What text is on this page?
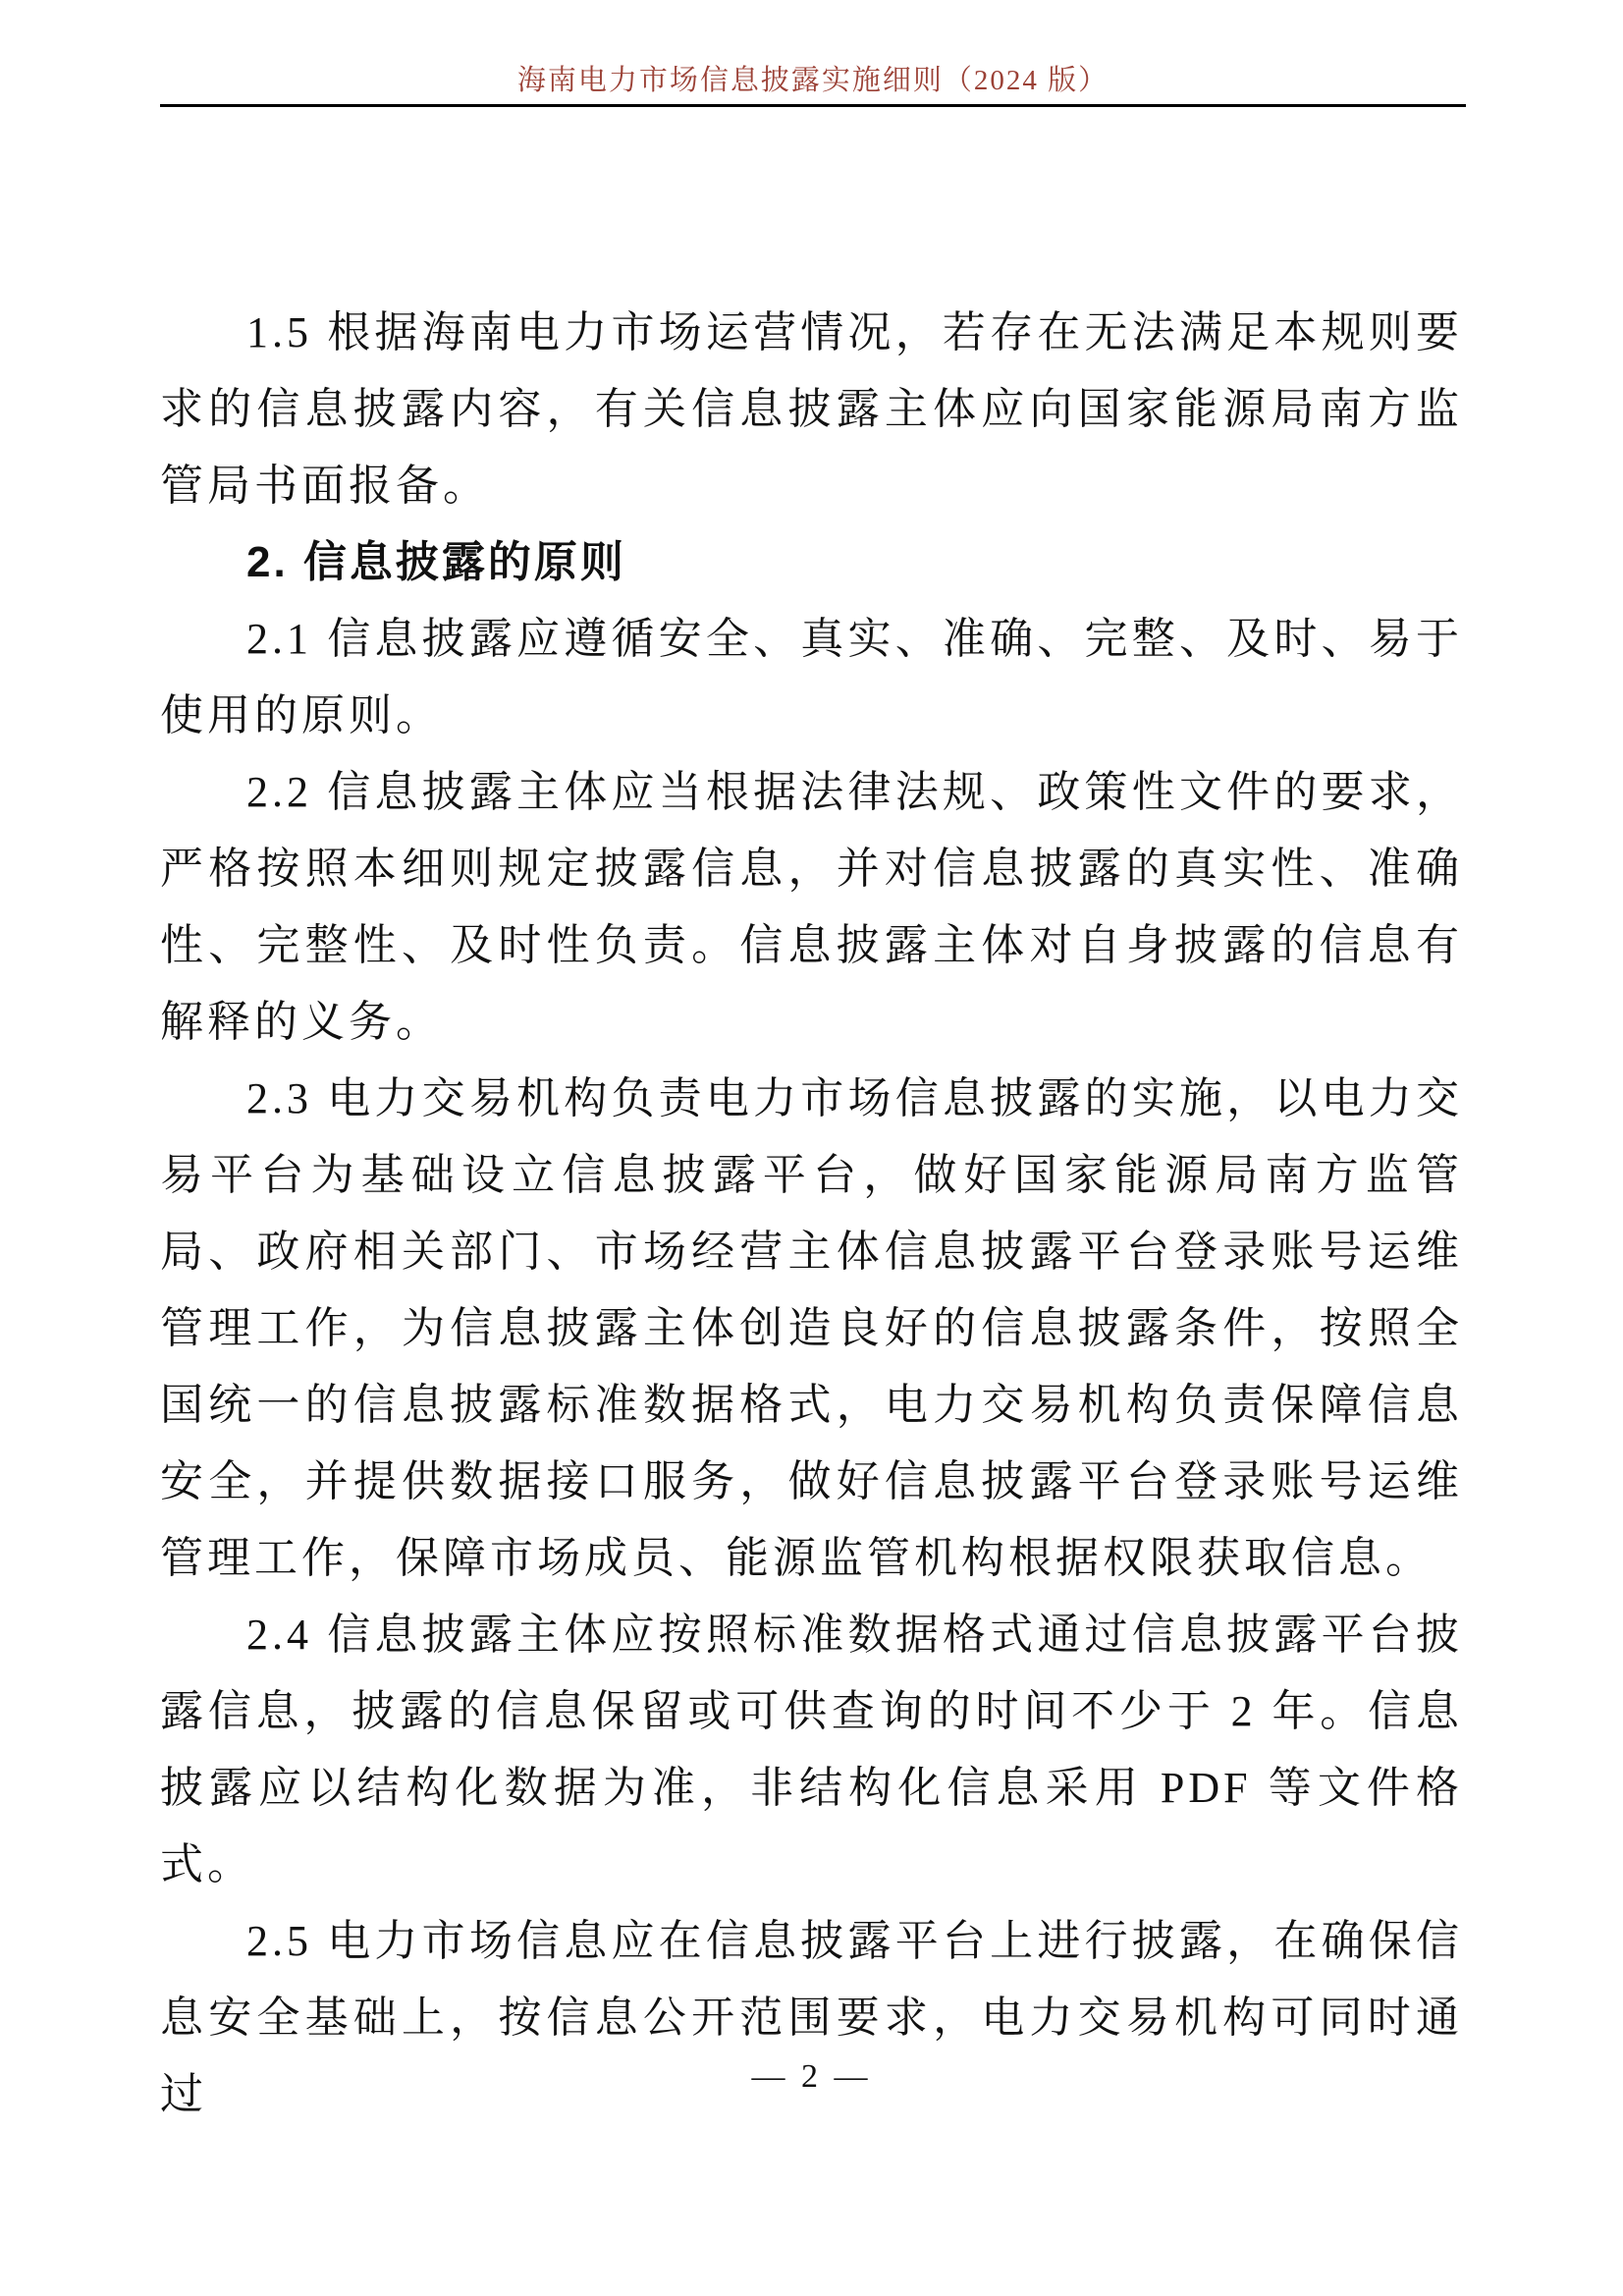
海南电力市场信息披露实施细则（2024 版）

1.5 根据海南电力市场运营情况，若存在无法满足本规则要求的信息披露内容，有关信息披露主体应向国家能源局南方监管局书面报备。

2. 信息披露的原则

2.1 信息披露应遵循安全、真实、准确、完整、及时、易于使用的原则。

2.2 信息披露主体应当根据法律法规、政策性文件的要求，严格按照本细则规定披露信息，并对信息披露的真实性、准确性、完整性、及时性负责。信息披露主体对自身披露的信息有解释的义务。

2.3 电力交易机构负责电力市场信息披露的实施，以电力交易平台为基础设立信息披露平台，做好国家能源局南方监管局、政府相关部门、市场经营主体信息披露平台登录账号运维管理工作，为信息披露主体创造良好的信息披露条件，按照全国统一的信息披露标准数据格式，电力交易机构负责保障信息安全，并提供数据接口服务，做好信息披露平台登录账号运维管理工作，保障市场成员、能源监管机构根据权限获取信息。

2.4 信息披露主体应按照标准数据格式通过信息披露平台披露信息，披露的信息保留或可供查询的时间不少于 2 年。信息披露应以结构化数据为准，非结构化信息采用 PDF 等文件格式。

2.5 电力市场信息应在信息披露平台上进行披露，在确保信息安全基础上，按信息公开范围要求，电力交易机构可同时通过	— 2 —
